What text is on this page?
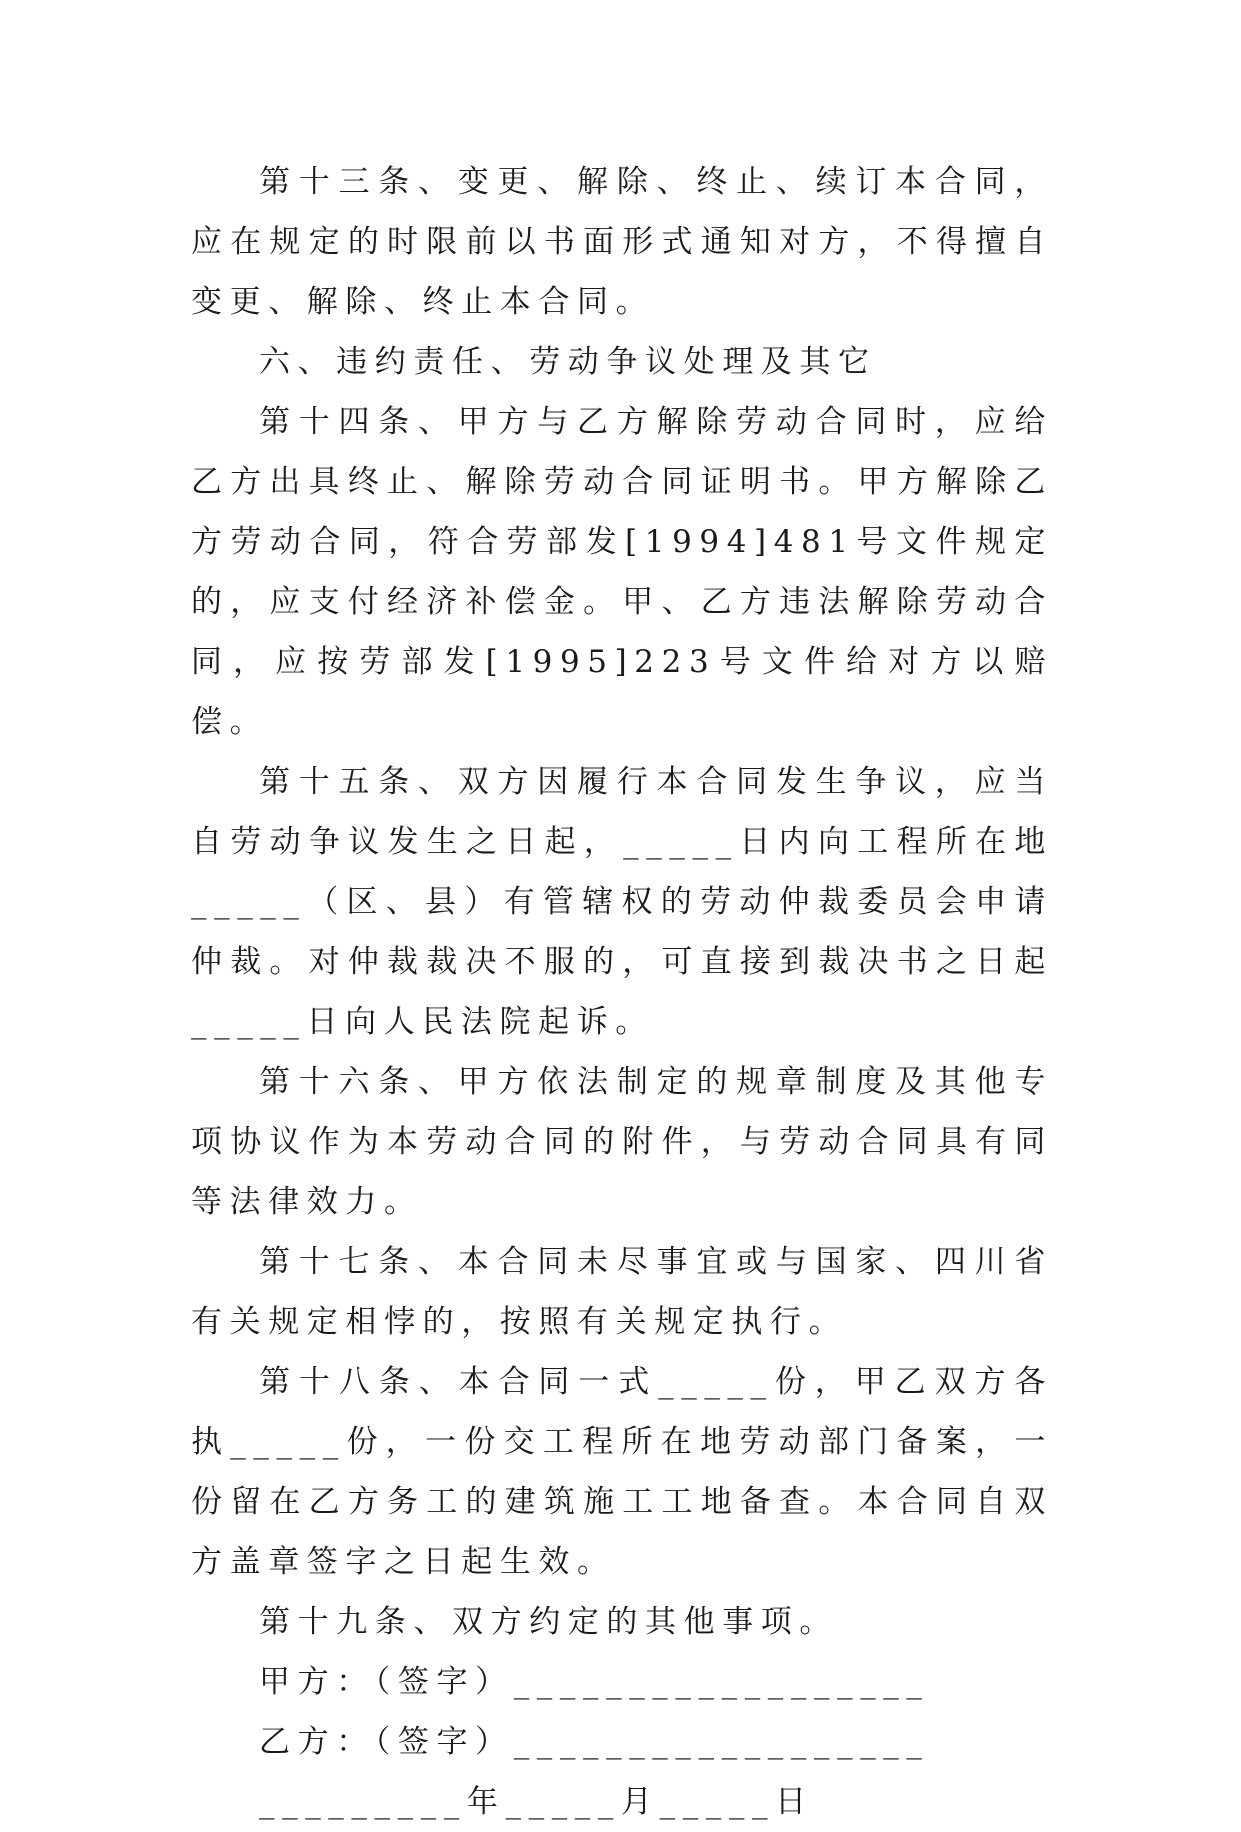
第十三条、变更、解除、终止、续订本合同，应在规定的时限前以书面形式通知对方，不得擅自变更、解除、终止本合同。

六、违约责任、劳动争议处理及其它

第十四条、甲方与乙方解除劳动合同时，应给乙方出具终止、解除劳动合同证明书。甲方解除乙方劳动合同，符合劳部发[1994]481号文件规定的，应支付经济补偿金。甲、乙方违法解除劳动合同，应按劳部发[1995]223号文件给对方以赔偿。

第十五条、双方因履行本合同发生争议，应当自劳动争议发生之日起，_____日内向工程所在地_____（区、县）有管辖权的劳动仲裁委员会申请仲裁。对仲裁裁决不服的，可直接到裁决书之日起_____日向人民法院起诉。

第十六条、甲方依法制定的规章制度及其他专项协议作为本劳动合同的附件，与劳动合同具有同等法律效力。

第十七条、本合同未尽事宜或与国家、四川省有关规定相悖的，按照有关规定执行。

第十八条、本合同一式_____份，甲乙双方各执_____份，一份交工程所在地劳动部门备案，一份留在乙方务工的建筑施工工地备查。本合同自双方盖章签字之日起生效。

第十九条、双方约定的其他事项。

甲方：（签字）__________________

乙方：（签字）__________________

_________年_____月_____日
